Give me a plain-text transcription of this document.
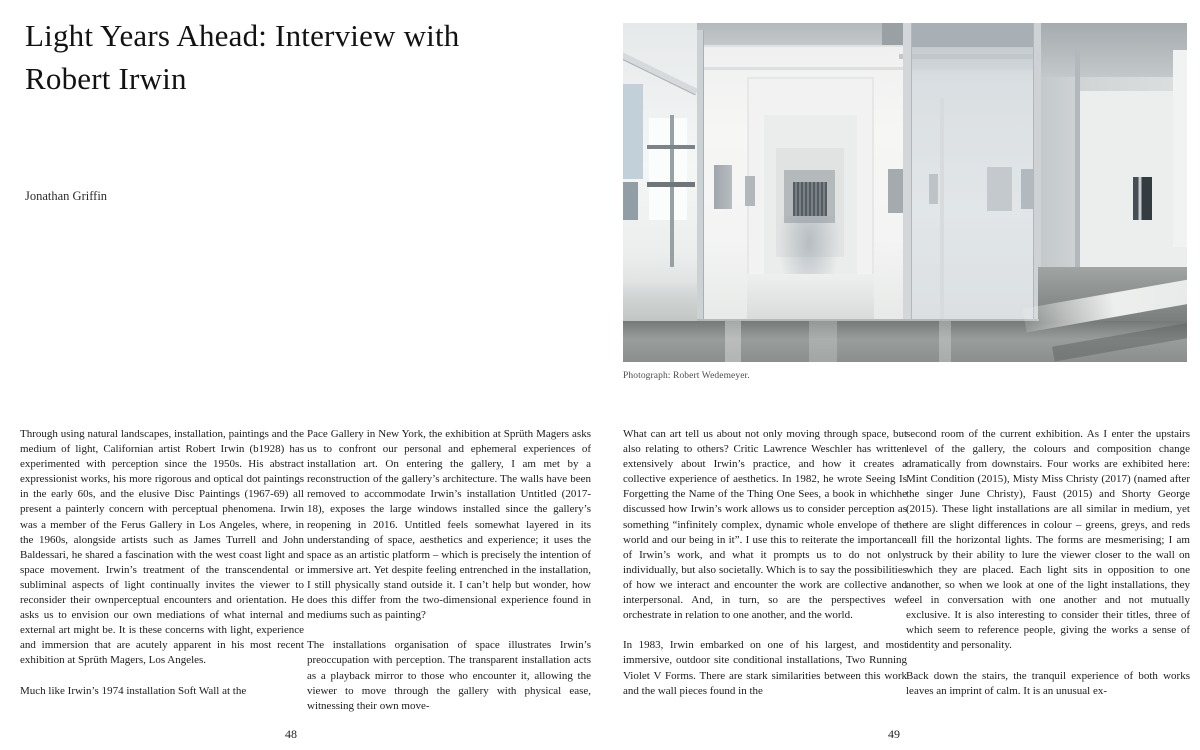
Light Years Ahead: Interview with
Robert Irwin
Jonathan Griffin
Photograph: Robert Wedemeyer.

Through using natural landscapes, installation, paintings and the medium of light, Californian artist Robert Irwin (b1928) has experimented with perception since the 1950s. His abstract expressionist works, his more rigorous and optical dot paintings in the early 60s, and the elusive Disc Paintings (1967-69) all present a painterly concern with perceptual phenomena. Irwin was a member of the Ferus Gallery in Los Angeles, where, in the 1960s, alongside artists such as James Turrell and John Baldessari, he shared a fascination with the west coast light and space movement. Irwin’s treatment of the transcendental or subliminal aspects of light continually invites the viewer to reconsider their ownperceptual encounters and orientation. He asks us to envision our own mediations of what internal and external art might be. It is these concerns with light, experience and immersion that are acutely apparent in his most recent exhibition at Sprüth Magers, Los Angeles.

Much like Irwin’s 1974 installation Soft Wall at the

Pace Gallery in New York, the exhibition at Sprüth Magers asks us to confront our personal and ephemeral experiences of installation art. On entering the gallery, I am met by a reconstruction of the gallery’s architecture. The walls have been removed to accommodate Irwin’s installation Untitled (2017-18), exposes the large windows installed since the gallery’s reopening in 2016. Untitled feels somewhat layered in its understanding of space, aesthetics and experience; it uses the space as an artistic platform – which is precisely the intention of immersive art. Yet despite feeling entrenched in the installation, I still physically stand outside it. I can’t help but wonder, how does this differ from the two-dimensional experience found in mediums such as painting?

The installations organisation of space illustrates Irwin’s preoccupation with perception. The transparent installation acts as a playback mirror to those who encounter it, allowing the viewer to move through the gallery with physical ease, witnessing their own move-

What can art tell us about not only moving through space, but also relating to others? Critic Lawrence Weschler has written extensively about Irwin’s practice, and how it creates a collective experience of aesthetics. In 1982, he wrote Seeing Is Forgetting the Name of the Thing One Sees, a book in whichhe discussed how Irwin’s work allows us to consider perception as something “infinitely complex, dynamic whole envelope of the world and our being in it”. I use this to reiterate the importance of Irwin’s work, and what it prompts us to do not only individually, but also societally. Which is to say the possibilities of how we interact and encounter the work are collective and interpersonal. And, in turn, so are the perspectives we orchestrate in relation to one another, and the world.

In 1983, Irwin embarked on one of his largest, and most immersive, outdoor site conditional installations, Two Running Violet V Forms. There are stark similarities between this work and the wall pieces found in the

second room of the current exhibition. As I enter the upstairs level of the gallery, the colours and composition change dramatically from downstairs. Four works are exhibited here: Mint Condition (2015), Misty Miss Christy (2017) (named after the singer June Christy), Faust (2015) and Shorty George (2015). These light installations are all similar in medium, yet there are slight differences in colour – greens, greys, and reds all fill the horizontal lights. The forms are mesmerising; I am struck by their ability to lure the viewer closer to the wall on which they are placed. Each light sits in opposition to one another, so when we look at one of the light installations, they feel in conversation with one another and not mutually exclusive. It is also interesting to consider their titles, three of which seem to reference people, giving the works a sense of identity and personality.

Back down the stairs, the tranquil experience of both works leaves an imprint of calm. It is an unusual ex-

48	49
